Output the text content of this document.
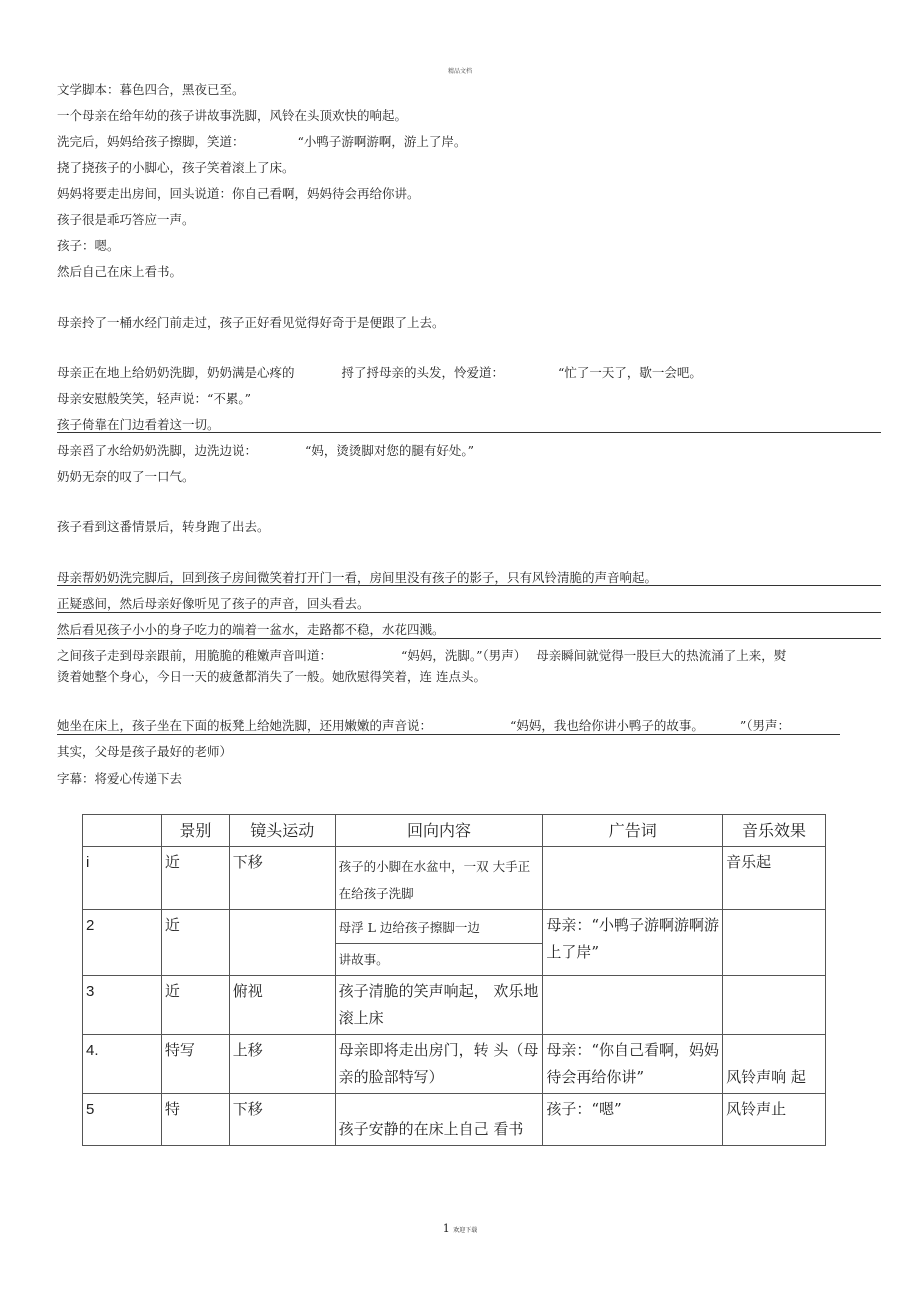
精品文档
文学脚本：暮色四合，黑夜已至。
一个母亲在给年幼的孩子讲故事洗脚，风铃在头顶欢快的响起。
洗完后，妈妈给孩子擦脚，笑道：	“小鸭子游啊游啊，游上了岸。
挠了挠孩子的小脚心，孩子笑着滚上了床。
妈妈将要走出房间，回头说道：你自己看啊，妈妈待会再给你讲。
孩子很是乖巧答应一声。
孩子：嗯。
然后自己在床上看书。
母亲拎了一桶水经门前走过，孩子正好看见觉得好奇于是便跟了上去。
母亲正在地上给奶奶洗脚，奶奶满是心疼的	捋了捋母亲的头发，怜爱道：	“忙了一天了，歇一会吧。
母亲安慰般笑笑，轻声说：“不累。”
孩子倚靠在门边看着这一切。
母亲舀了水给奶奶洗脚，边洗边说：	“妈，烫烫脚对您的腿有好处。”
奶奶无奈的叹了一口气。
孩子看到这番情景后，转身跑了出去。
母亲帮奶奶洗完脚后，回到孩子房间微笑着打开门一看，房间里没有孩子的影子，只有风铃清脆的声音响起。
正疑惑间，然后母亲好像听见了孩子的声音，回头看去。
然后看见孩子小小的身子吃力的端着一盆水，走路都不稳，水花四溅。
之间孩子走到母亲跟前，用脆脆的稚嫩声音叫道：	“妈妈，洗脚。”（男声） 母亲瞬间就觉得一股巨大的热流涌了上来，熨
烫着她整个身心，今日一天的疲惫都消失了一般。她欣慰得笑着，连 连点头。
她坐在床上，孩子坐在下面的板凳上给她洗脚，还用嫩嫩的声音说：	“妈妈，我也给你讲小鸭子的故事。	”（男声：
其实，父母是孩子最好的老师）
字幕：将爱心传递下去
	景别	镜头运动	回向内容	广告词	音乐效果
i	近	下移	孩子的小脚在水盆中，一双 大手正在给孩子洗脚		音乐起
2	近		母浮 L 边给孩子擦脚一边
讲故事。	母亲：“小鸭子游啊游啊游上了岸”	
3	近	俯视	孩子清脆的笑声响起， 欢乐地滚上床		
4.	特写	上移	母亲即将走出房门，转 头（母亲的脸部特写）	母亲：“你自己看啊，妈妈待会再给你讲”	风铃声响 起
5	特	下移	孩子安静的在床上自己 看书	孩子：“嗯”	风铃声止
1 欢迎下载
